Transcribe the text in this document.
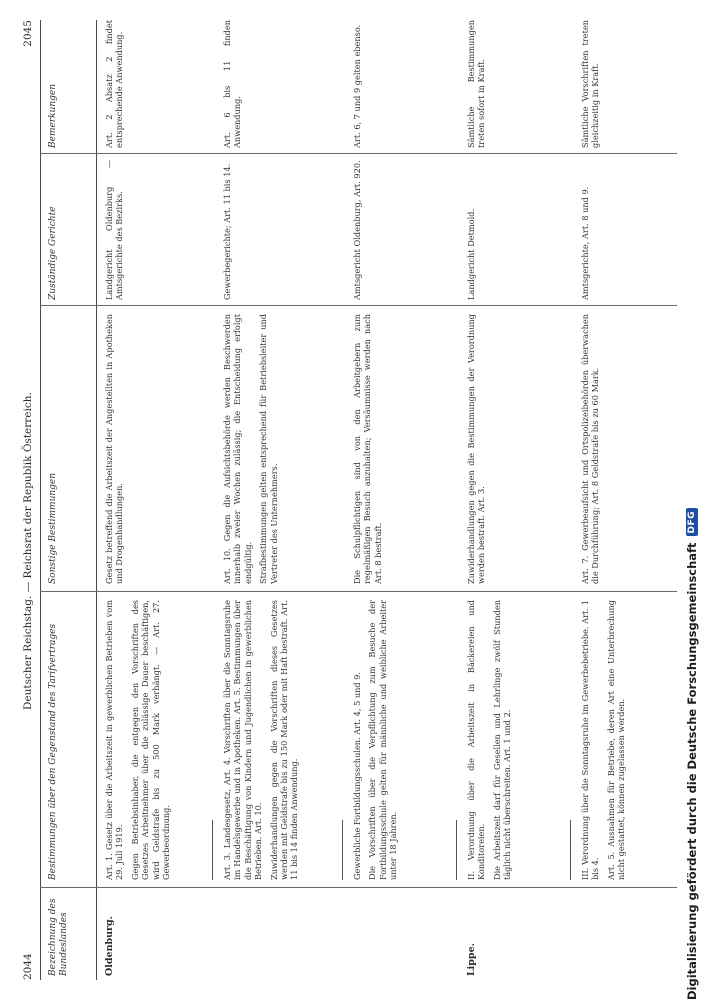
2044
Deutscher Reichstag. — Reichsrat der Republik Österreich.
2045
Bezeichnung des Bundeslandes
Bestimmungen über den Gegenstand des Tarifvertrages
Sonstige Bestimmungen
Zuständige Gerichte
Bemerkungen
Oldenburg.
Art. 1. Gesetz über die Arbeitszeit in gewerblichen Betrieben vom 29. Juli 1919. Gegen Betriebsinhaber, die entgegen den Vorschriften des Gesetzes Arbeitnehmer über die zulässige Dauer beschäftigen, wird Geldstrafe bis zu 500 Mark verhängt. — Art. 27. Gewerbeordnung.
Gesetz betreffend die Arbeitszeit der Angestellten in Apotheken und Drogenhandlungen.
Landgericht Oldenburg — Amtsgerichte des Bezirks.
Art. 2 Absatz 2 findet entsprechende Anwendung.
Art. 3. Landesgesetz, Art. 4. Vorschriften über die Sonntagsruhe im Handelsgewerbe und in Apotheken. Art. 5. Bestimmungen über die Beschäftigung von Kindern und Jugendlichen in gewerblichen Betrieben. Art. 10. Zuwiderhandlungen gegen die Vorschriften dieses Gesetzes werden mit Geldstrafe bis zu 150 Mark oder mit Haft bestraft. Art. 11 bis 14 finden Anwendung.
Art. 10. Gegen die Aufsichtsbehörde werden Beschwerden innerhalb zweier Wochen zulässig; die Entscheidung erfolgt endgültig. Strafbestimmungen gelten entsprechend für Betriebsleiter und Vertreter des Unternehmers.
Gewerbegerichte; Art. 11 bis 14.
Art. 6 bis 11 finden Anwendung.
Gewerbliche Fortbildungsschulen. Art. 4, 5 und 9. Die Vorschriften über die Verpflichtung zum Besuche der Fortbildungsschule gelten für männliche und weibliche Arbeiter unter 18 Jahren.
Die Schulpflichtigen sind von den Arbeitgebern zum regelmäßigen Besuch anzuhalten; Versäumnisse werden nach Art. 8 bestraft.
Amtsgericht Oldenburg, Art. 920.
Art. 6, 7 und 9 gelten ebenso.
Lippe.
II. Verordnung über die Arbeitszeit in Bäckereien und Konditoreien. Die Arbeitszeit darf für Gesellen und Lehrlinge zwölf Stunden täglich nicht überschreiten. Art. 1 und 2.
Zuwiderhandlungen gegen die Bestimmungen der Verordnung werden bestraft. Art. 3.
Landgericht Detmold.
Sämtliche Bestimmungen treten sofort in Kraft.
III. Verordnung über die Sonntagsruhe im Gewerbebetriebe. Art. 1 bis 4. Art. 5. Ausnahmen für Betriebe, deren Art eine Unterbrechung nicht gestattet, können zugelassen werden.
Art. 7. Gewerbeaufsicht und Ortspolizeibehörden überwachen die Durchführung; Art. 8 Geldstrafe bis zu 60 Mark.
Amtsgerichte, Art. 8 und 9.
Sämtliche Vorschriften treten gleichzeitig in Kraft.
Digitalisierung gefördert durch die Deutsche Forschungsgemeinschaft
DFG
